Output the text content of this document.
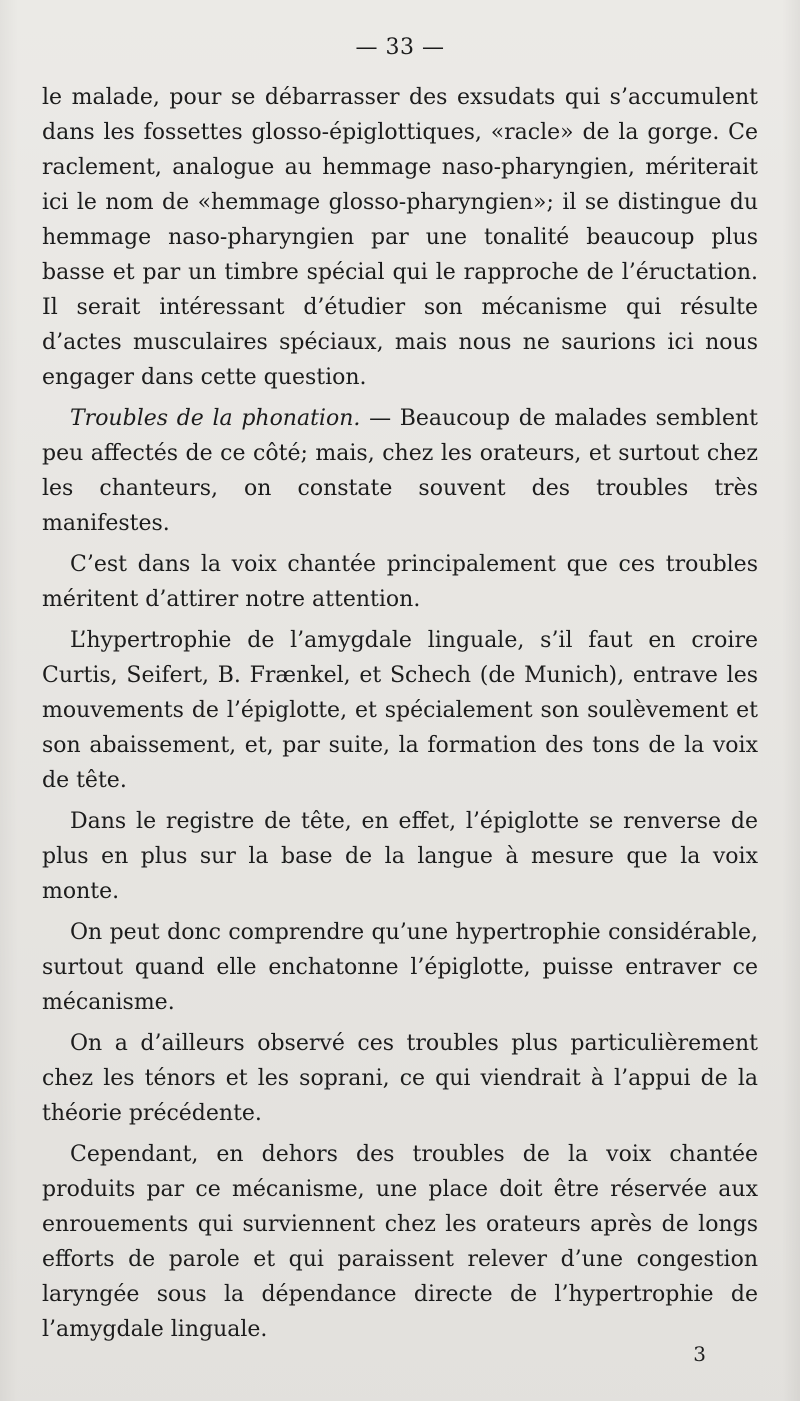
— 33 —

le malade, pour se débarrasser des exsudats qui s’accumulent dans les fossettes glosso-épiglottiques, «racle» de la gorge. Ce raclement, analogue au hemmage naso-pharyngien, mériterait ici le nom de «hemmage glosso-pharyngien»; il se distingue du hemmage naso-pharyngien par une tonalité beaucoup plus basse et par un timbre spécial qui le rapproche de l’éructation. Il serait intéressant d’étudier son mécanisme qui résulte d’actes musculaires spéciaux, mais nous ne saurions ici nous engager dans cette question.

Troubles de la phonation. — Beaucoup de malades semblent peu affectés de ce côté; mais, chez les orateurs, et surtout chez les chanteurs, on constate souvent des troubles très manifestes.

C’est dans la voix chantée principalement que ces troubles méritent d’attirer notre attention.

L’hypertrophie de l’amygdale linguale, s’il faut en croire Curtis, Seifert, B. Frænkel, et Schech (de Munich), entrave les mouvements de l’épiglotte, et spécialement son soulèvement et son abaissement, et, par suite, la formation des tons de la voix de tête.

Dans le registre de tête, en effet, l’épiglotte se renverse de plus en plus sur la base de la langue à mesure que la voix monte.

On peut donc comprendre qu’une hypertrophie considérable, surtout quand elle enchatonne l’épiglotte, puisse entraver ce mécanisme.

On a d’ailleurs observé ces troubles plus particulièrement chez les ténors et les soprani, ce qui viendrait à l’appui de la théorie précédente.

Cependant, en dehors des troubles de la voix chantée produits par ce mécanisme, une place doit être réservée aux enrouements qui surviennent chez les orateurs après de longs efforts de parole et qui paraissent relever d’une congestion laryngée sous la dépendance directe de l’hypertrophie de l’amygdale linguale.

3
